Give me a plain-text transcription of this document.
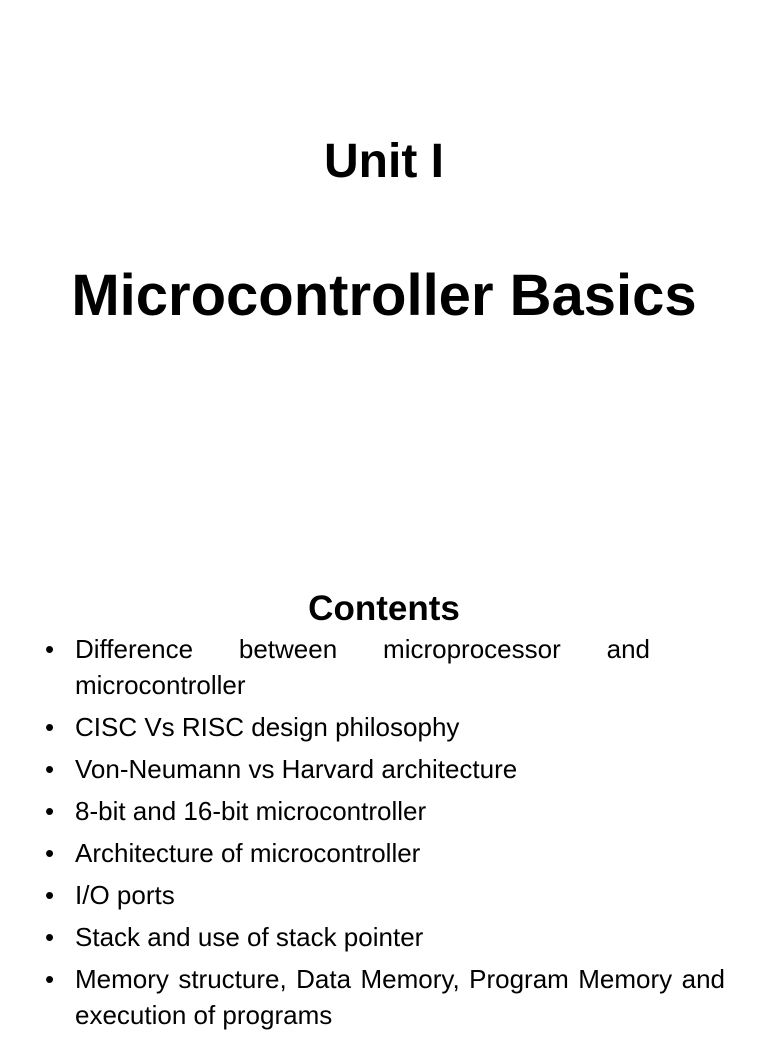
Unit I
Microcontroller Basics
Contents
• Difference between microprocessor and microcontroller
• CISC Vs RISC design philosophy
• Von-Neumann vs Harvard architecture
• 8-bit and 16-bit microcontroller
• Architecture of microcontroller
• I/O ports
• Stack and use of stack pointer
• Memory structure, Data Memory, Program Memory and execution of programs
